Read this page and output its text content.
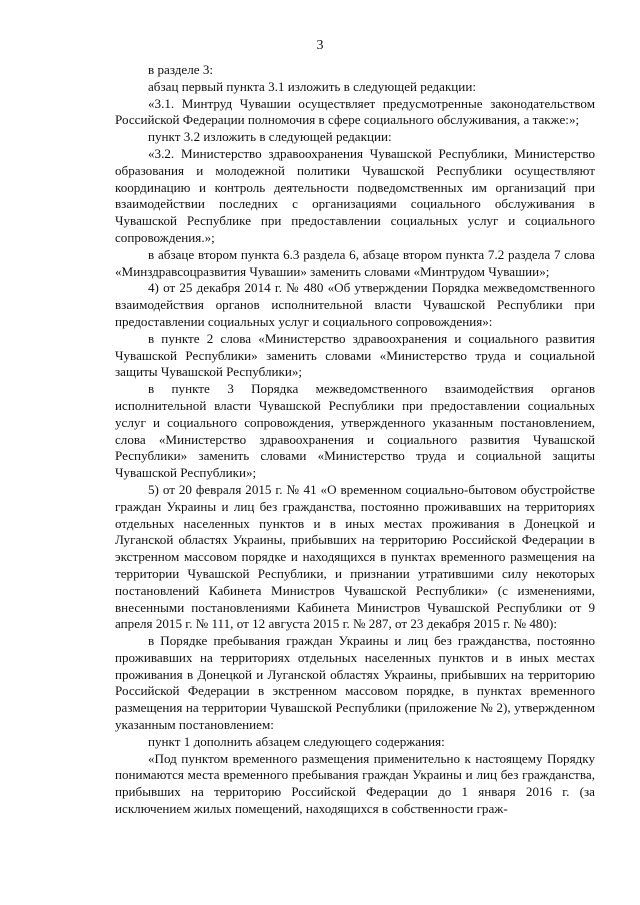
3

в разделе 3:

абзац первый пункта 3.1 изложить в следующей редакции:

«3.1. Минтруд Чувашии осуществляет предусмотренные законодательством Российской Федерации полномочия в сфере социального обслуживания, а также:»;

пункт 3.2 изложить в следующей редакции:

«3.2. Министерство здравоохранения Чувашской Республики, Министерство образования и молодежной политики Чувашской Республики осуществляют координацию и контроль деятельности подведомственных им организаций при взаимодействии последних с организациями социального обслуживания в Чувашской Республике при предоставлении социальных услуг и социального сопровождения.»;

в абзаце втором пункта 6.3 раздела 6, абзаце втором пункта 7.2 раздела 7 слова «Минздравсоцразвития Чувашии» заменить словами «Минтрудом Чувашии»;

4) от 25 декабря 2014 г. № 480 «Об утверждении Порядка межведомственного взаимодействия органов исполнительной власти Чувашской Республики при предоставлении социальных услуг и социального сопровождения»:

в пункте 2 слова «Министерство здравоохранения и социального развития Чувашской Республики» заменить словами «Министерство труда и социальной защиты Чувашской Республики»;

в пункте 3 Порядка межведомственного взаимодействия органов исполнительной власти Чувашской Республики при предоставлении социальных услуг и социального сопровождения, утвержденного указанным постановлением, слова «Министерство здравоохранения и социального развития Чувашской Республики» заменить словами «Министерство труда и социальной защиты Чувашской Республики»;

5) от 20 февраля 2015 г. № 41 «О временном социально-бытовом обустройстве граждан Украины и лиц без гражданства, постоянно проживавших на территориях отдельных населенных пунктов и в иных местах проживания в Донецкой и Луганской областях Украины, прибывших на территорию Российской Федерации в экстренном массовом порядке и находящихся в пунктах временного размещения на территории Чувашской Республики, и признании утратившими силу некоторых постановлений Кабинета Министров Чувашской Республики» (с изменениями, внесенными постановлениями Кабинета Министров Чувашской Республики от 9 апреля 2015 г. № 111, от 12 августа 2015 г. № 287, от 23 декабря 2015 г. № 480):

в Порядке пребывания граждан Украины и лиц без гражданства, постоянно проживавших на территориях отдельных населенных пунктов и в иных местах проживания в Донецкой и Луганской областях Украины, прибывших на территорию Российской Федерации в экстренном массовом порядке, в пунктах временного размещения на территории Чувашской Республики (приложение № 2), утвержденном указанным постановлением:

пункт 1 дополнить абзацем следующего содержания:

«Под пунктом временного размещения применительно к настоящему Порядку понимаются места временного пребывания граждан Украины и лиц без гражданства, прибывших на территорию Российской Федерации до 1 января 2016 г. (за исключением жилых помещений, находящихся в собственности граж-
